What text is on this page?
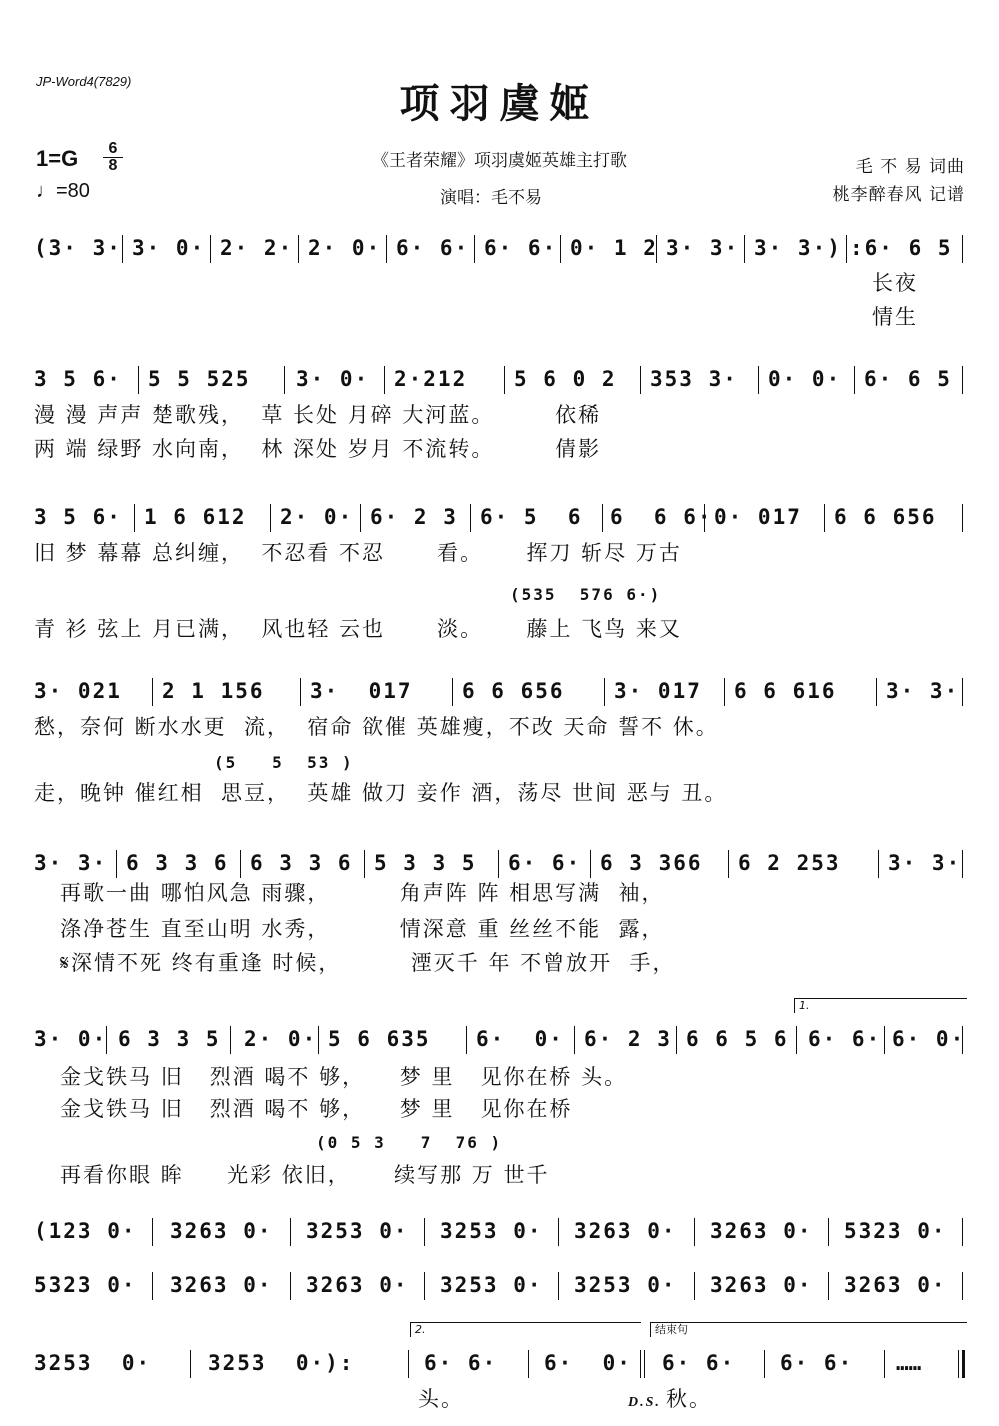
JP-Word4(7829)	项羽虞姬
《王者荣耀》项羽虞姬英雄主打歌
演唱：毛不易
毛 不 易 词曲
桃李醉春风 记谱
1=G	6
8
♩=80
(3· 3· 3· 0· 2· 2· 2· 0· 6· 6· 6· 6· 0· 1 2 3· 3· 3· 3·) :6· 6 5
长夜
情生
3 5 6· 5 5 525 3· 0· 2·212 5 6 0 2 353 3· 0· 0· 6· 6 5
漫 漫 声声 楚歌残，  草 长处 月碎 大河蓝。       依稀
两 端 绿野 水向南，  林 深处 岁月 不流转。       倩影
3 5 6· 1 6 612 2· 0· 6· 2 3 6· 5  6 6  6 6· 0· 017 6 6 656
旧 梦 幕幕 总纠缠，  不忍看 不忍      看。     挥刀 斩尽 万古
(535  576 6·)
青 衫 弦上 月已满，  风也轻 云也      淡。     藤上 飞鸟 来又
3· 021 2 1 156 3·  017 6 6 656 3· 017 6 6 616 3· 3·
愁，奈何 断水水更  流，  宿命 欲催 英雄瘦，不改 天命 誓不 休。
(5   5  53 )
走，晚钟 催红相  思豆，  英雄 做刀 妾作 酒，荡尽 世间 恶与 丑。
3· 3· 6 3 3 6 6 3 3 6 5 3 3 5 6· 6· 6 3 366 6 2 253 3· 3·
再歌一曲 哪怕风急 雨骤，        角声阵 阵 相思写满  袖，
涤净苍生 直至山明 水秀，        情深意 重 丝丝不能  露，
𝄋深情不死 终有重逢 时候，        湮灭千 年 不曾放开  手，
1.
3· 0· 6 3 3 5 2· 0· 5 6 635 6·  0· 6· 2 3 6 6 5 6 6· 6· 6· 0·
金戈铁马 旧   烈酒 喝不 够，    梦 里   见你在桥 头。
金戈铁马 旧   烈酒 喝不 够，    梦 里   见你在桥
(0 5 3   7  76 )
再看你眼 眸     光彩 依旧，     续写那 万 世千
(123 0· 3263 0· 3253 0· 3253 0· 3263 0· 3263 0· 5323 0·
5323 0· 3263 0· 3263 0· 3253 0· 3253 0· 3263 0· 3263 0·
2.	结束句
3253  0·	3253  0·):	6· 6· 6·  0· 6· 6· 6· 6· ……
头。	D.S. 秋。
